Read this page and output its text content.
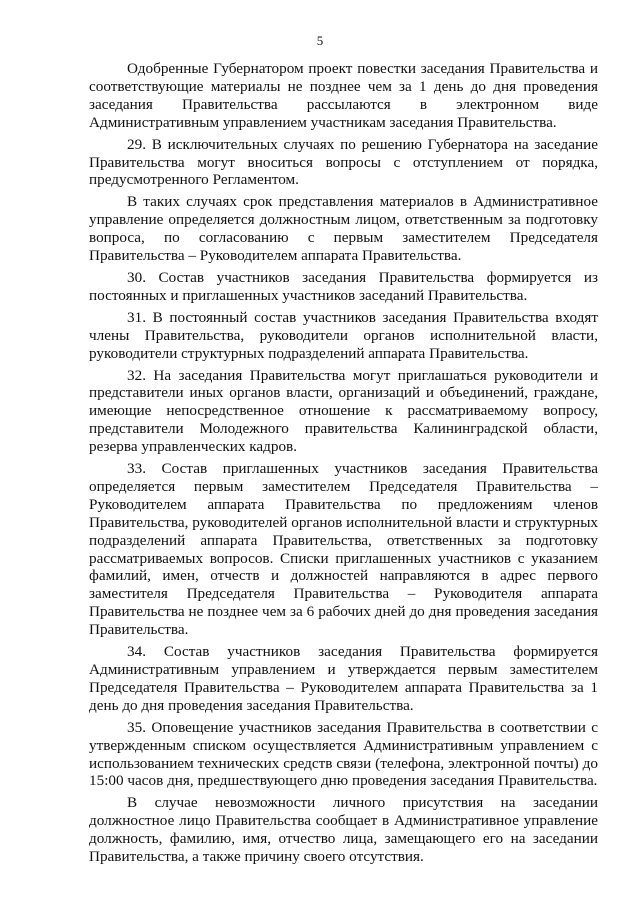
5

Одобренные Губернатором проект повестки заседания Правительства и соответствующие материалы не позднее чем за 1 день до дня проведения заседания Правительства рассылаются в электронном виде Административным управлением участникам заседания Правительства.

29. В исключительных случаях по решению Губернатора на заседание Правительства могут вноситься вопросы с отступлением от порядка, предусмотренного Регламентом.

В таких случаях срок представления материалов в Административное управление определяется должностным лицом, ответственным за подготовку вопроса, по согласованию с первым заместителем Председателя Правительства – Руководителем аппарата Правительства.

30. Состав участников заседания Правительства формируется из постоянных и приглашенных участников заседаний Правительства.

31. В постоянный состав участников заседания Правительства входят члены Правительства, руководители органов исполнительной власти, руководители структурных подразделений аппарата Правительства.

32. На заседания Правительства могут приглашаться руководители и представители иных органов власти, организаций и объединений, граждане, имеющие непосредственное отношение к рассматриваемому вопросу, представители Молодежного правительства Калининградской области, резерва управленческих кадров.

33. Состав приглашенных участников заседания Правительства определяется первым заместителем Председателя Правительства – Руководителем аппарата Правительства по предложениям членов Правительства, руководителей органов исполнительной власти и структурных подразделений аппарата Правительства, ответственных за подготовку рассматриваемых вопросов. Списки приглашенных участников с указанием фамилий, имен, отчеств и должностей направляются в адрес первого заместителя Председателя Правительства – Руководителя аппарата Правительства не позднее чем за 6 рабочих дней до дня проведения заседания Правительства.

34. Состав участников заседания Правительства формируется Административным управлением и утверждается первым заместителем Председателя Правительства – Руководителем аппарата Правительства за 1 день до дня проведения заседания Правительства.

35. Оповещение участников заседания Правительства в соответствии с утвержденным списком осуществляется Административным управлением с использованием технических средств связи (телефона, электронной почты) до 15:00 часов дня, предшествующего дню проведения заседания Правительства.

В случае невозможности личного присутствия на заседании должностное лицо Правительства сообщает в Административное управление должность, фамилию, имя, отчество лица, замещающего его на заседании Правительства, а также причину своего отсутствия.
